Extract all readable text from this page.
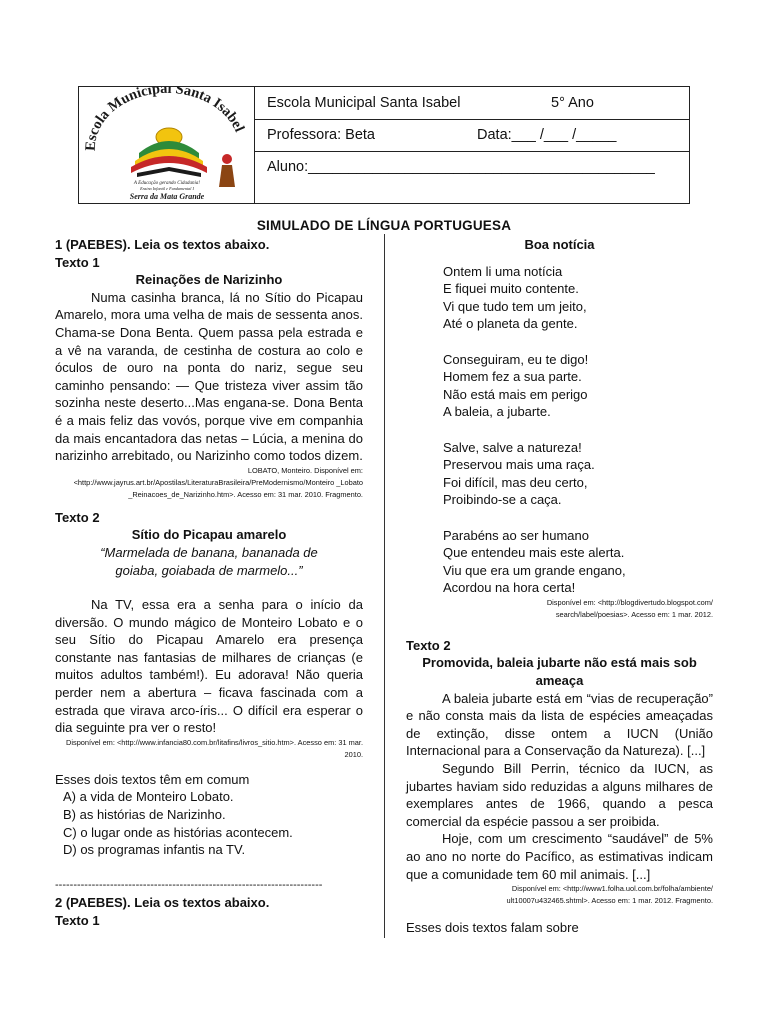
Escola Municipal Santa Isabel
A Educação gerando Cidadania!
Ensino Infantil e Fundamental I
Serra da Mata Grande
Escola Municipal Santa Isabel	5° Ano
Professora: Beta	Data:___ /___ /_____
Aluno:___________________________________________
SIMULADO DE LÍNGUA PORTUGUESA

1 (PAEBES). Leia os textos abaixo.

Texto 1

Reinações de Narizinho

Numa casinha branca, lá no Sítio do Picapau Amarelo, mora uma velha de mais de sessenta anos. Chama-se Dona Benta. Quem passa pela estrada e a vê na varanda, de cestinha de costura ao colo e óculos de ouro na ponta do nariz, segue seu caminho pensando: — Que tristeza viver assim tão sozinha neste deserto...Mas engana-se. Dona Benta é a mais feliz das vovós, porque vive em companhia da mais encantadora das netas – Lúcia, a menina do narizinho arrebitado, ou Narizinho como todos dizem.

LOBATO, Monteiro. Disponível em: <http://www.jayrus.art.br/Apostilas/LiteraturaBrasileira/PreModernismo/Monteiro _Lobato _Reinacoes_de_Narizinho.htm>. Acesso em: 31 mar. 2010. Fragmento.

Texto 2

Sítio do Picapau amarelo

“Marmelada de banana, bananada de goiaba, goiabada de marmelo...”

Na TV, essa era a senha para o início da diversão. O mundo mágico de Monteiro Lobato e o seu Sítio do Picapau Amarelo era presença constante nas fantasias de milhares de crianças (e muitos adultos também!). Eu adorava! Não queria perder nem a abertura – ficava fascinada com a estrada que virava arco-íris... O difícil era esperar o dia seguinte pra ver o resto!

Disponível em: <http://www.infancia80.com.br/litafins/livros_sitio.htm>. Acesso em: 31 mar. 2010.

Esses dois textos têm em comum

A) a vida de Monteiro Lobato.

B) as histórias de Narizinho.

C) o lugar onde as histórias acontecem.

D) os programas infantis na TV.

-------------------------------------------------------------------------

2 (PAEBES). Leia os textos abaixo.

Texto 1

Boa notícia

Ontem li uma notícia

E fiquei muito contente.

Vi que tudo tem um jeito,

Até o planeta da gente.

Conseguiram, eu te digo!

Homem fez a sua parte.

Não está mais em perigo

A baleia, a jubarte.

Salve, salve a natureza!

Preservou mais uma raça.

Foi difícil, mas deu certo,

Proibindo-se a caça.

Parabéns ao ser humano

Que entendeu mais este alerta.

Viu que era um grande engano,

Acordou na hora certa!

Disponível em: <http://blogdivertudo.blogspot.com/ search/label/poesias>. Acesso em: 1 mar. 2012.

Texto 2

Promovida, baleia jubarte não está mais sob ameaça

A baleia jubarte está em “vias de recuperação” e não consta mais da lista de espécies ameaçadas de extinção, disse ontem a IUCN (União Internacional para a Conservação da Natureza). [...]

Segundo Bill Perrin, técnico da IUCN, as jubartes haviam sido reduzidas a alguns milhares de exemplares antes de 1966, quando a pesca comercial da espécie passou a ser proibida.

Hoje, com um crescimento “saudável” de 5% ao ano no norte do Pacífico, as estimativas indicam que a comunidade tem 60 mil animais. [...]

Disponível em: <http://www1.folha.uol.com.br/folha/ambiente/ ult10007u432465.shtml>. Acesso em: 1 mar. 2012. Fragmento.

Esses dois textos falam sobre
